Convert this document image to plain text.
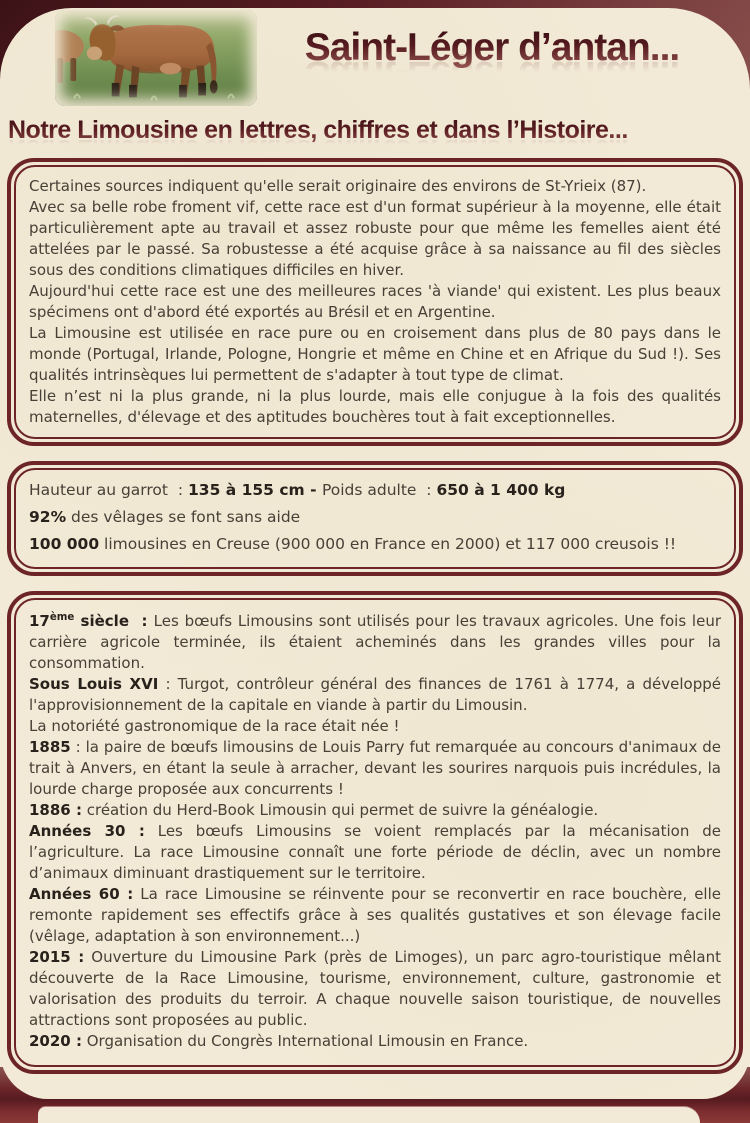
Saint-Léger d’antan...
Notre Limousine en lettres, chiffres et dans l’Histoire...

Certaines sources indiquent qu'elle serait originaire des environs de St-Yrieix (87).

Avec sa belle robe froment vif, cette race est d'un format supérieur à la moyenne, elle était particulièrement apte au travail et assez robuste pour que même les femelles aient été attelées par le passé. Sa robustesse a été acquise grâce à sa naissance au fil des siècles sous des conditions climatiques difficiles en hiver.

Aujourd'hui cette race est une des meilleures races 'à viande' qui existent. Les plus beaux spécimens ont d'abord été exportés au Brésil et en Argentine.

La Limousine est utilisée en race pure ou en croisement dans plus de 80 pays dans le monde (Portugal, Irlande, Pologne, Hongrie et même en Chine et en Afrique du Sud !). Ses qualités intrinsèques lui permettent de s'adapter à tout type de climat.

Elle n’est ni la plus grande, ni la plus lourde, mais elle conjugue à la fois des qualités maternelles, d'élevage et des aptitudes bouchères tout à fait exceptionnelles.

Hauteur au garrot  : 135 à 155 cm - Poids adulte  : 650 à 1 400 kg

92% des vêlages se font sans aide

100 000 limousines en Creuse (900 000 en France en 2000) et 117 000 creusois !!

17ème siècle  : Les bœufs Limousins sont utilisés pour les travaux agricoles. Une fois leur carrière agricole terminée, ils étaient acheminés dans les grandes villes pour la consommation.

Sous Louis XVI : Turgot, contrôleur général des finances de 1761 à 1774, a développé l'approvisionnement de la capitale en viande à partir du Limousin.

La notoriété gastronomique de la race était née !

1885 : la paire de bœufs limousins de Louis Parry fut remarquée au concours d'animaux de trait à Anvers, en étant la seule à arracher, devant les sourires narquois puis incrédules, la lourde charge proposée aux concurrents !

1886 : création du Herd-Book Limousin qui permet de suivre la généalogie.

Années 30 : Les bœufs Limousins se voient remplacés par la mécanisation de l’agriculture. La race Limousine connaît une forte période de déclin, avec un nombre d’animaux diminuant drastiquement sur le territoire.

Années 60 : La race Limousine se réinvente pour se reconvertir en race bouchère, elle remonte rapidement ses effectifs grâce à ses qualités gustatives et son élevage facile (vêlage, adaptation à son environnement...)

2015 : Ouverture du Limousine Park (près de Limoges), un parc agro-touristique mêlant découverte de la Race Limousine, tourisme, environnement, culture, gastronomie et valorisation des produits du terroir. A chaque nouvelle saison touristique, de nouvelles attractions sont proposées au public.

2020 : Organisation du Congrès International Limousin en France.
